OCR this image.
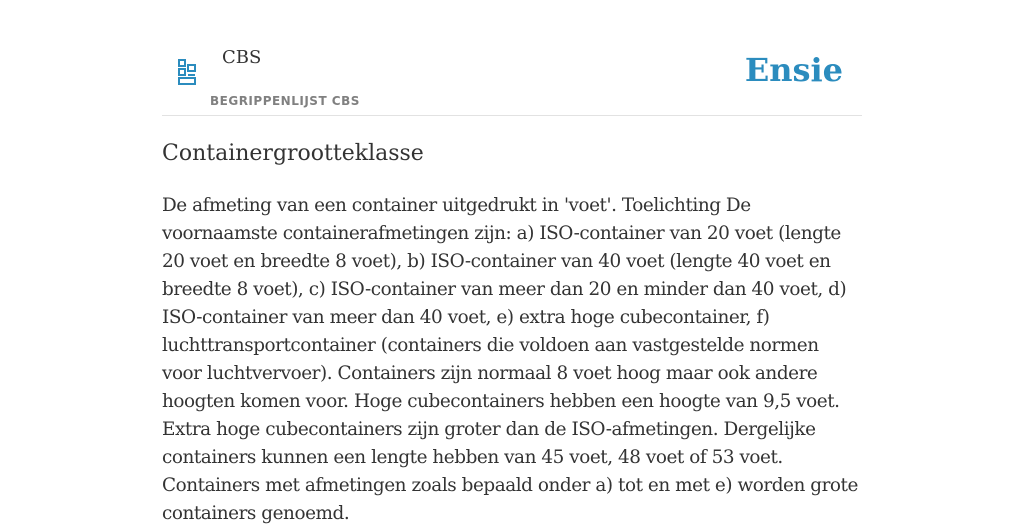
CBS
BEGRIPPENLIJST CBS
Ensie
Containergrootteklasse

De afmeting van een container uitgedrukt in 'voet'. Toelichting De voornaamste containerafmetingen zijn: a) ISO-container van 20 voet (lengte 20 voet en breedte 8 voet), b) ISO-container van 40 voet (lengte 40 voet en breedte 8 voet), c) ISO-container van meer dan 20 en minder dan 40 voet, d) ISO-container van meer dan 40 voet, e) extra hoge cubecontainer, f) luchttransportcontainer (containers die voldoen aan vastgestelde normen voor luchtvervoer). Containers zijn normaal 8 voet hoog maar ook andere hoogten komen voor. Hoge cubecontainers hebben een hoogte van 9,5 voet. Extra hoge cubecontainers zijn groter dan de ISO-afmetingen. Dergelijke containers kunnen een lengte hebben van 45 voet, 48 voet of 53 voet. Containers met afmetingen zoals bepaald onder a) tot en met e) worden grote containers genoemd.
